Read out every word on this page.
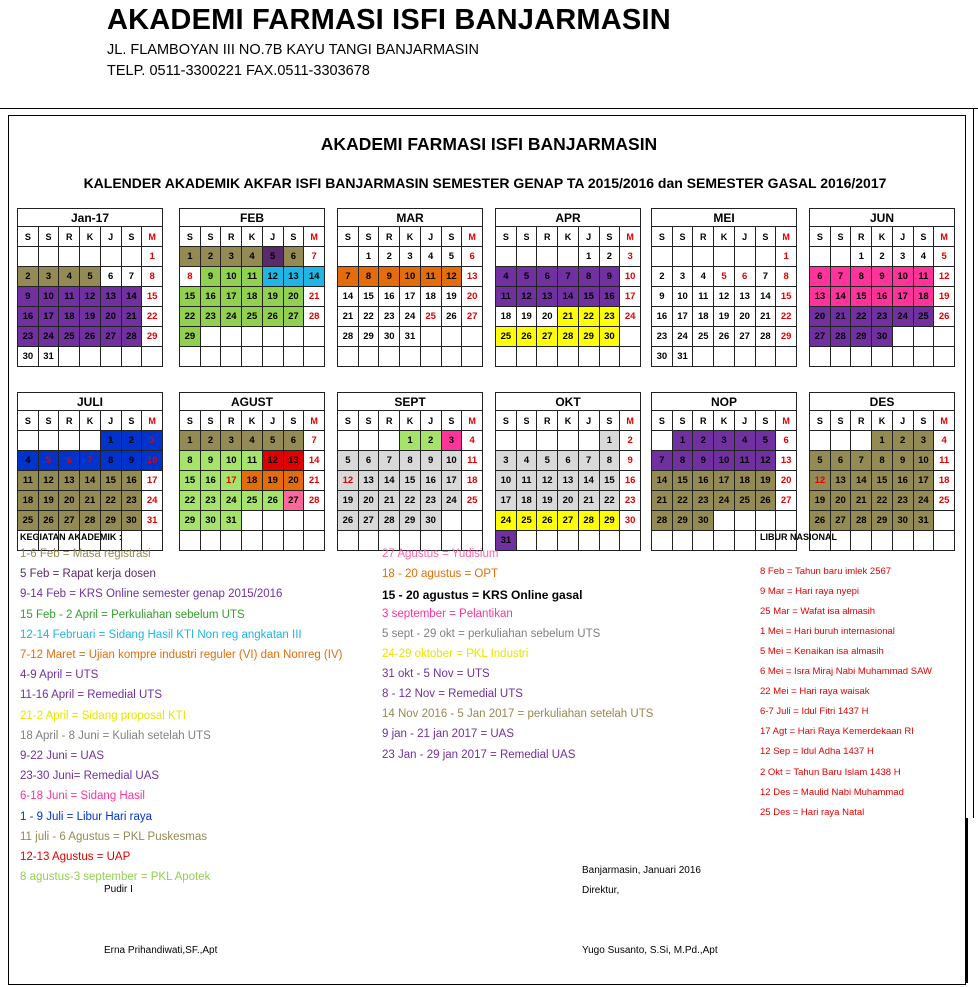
AKADEMI FARMASI ISFI BANJARMASIN
JL. FLAMBOYAN III NO.7B KAYU TANGI BANJARMASIN
TELP. 0511-3300221 FAX.0511-3303678
AKADEMI FARMASI ISFI BANJARMASIN
KALENDER AKADEMIK AKFAR ISFI BANJARMASIN SEMESTER GENAP TA 2015/2016 dan SEMESTER GASAL 2016/2017
Jan-17						
S	S	R	K	J	S	M
						1
2	3	4	5	6	7	8
9	10	11	12	13	14	15
16	17	18	19	20	21	22
23	24	25	26	27	28	29
30	31					
FEB						
S	S	R	K	J	S	M
1	2	3	4	5	6	7
8	9	10	11	12	13	14
15	16	17	18	19	20	21
22	23	24	25	26	27	28
29						

MAR						
S	S	R	K	J	S	M
	1	2	3	4	5	6
7	8	9	10	11	12	13
14	15	16	17	18	19	20
21	22	23	24	25	26	27
28	29	30	31			

APR						
S	S	R	K	J	S	M
				1	2	3
4	5	6	7	8	9	10
11	12	13	14	15	16	17
18	19	20	21	22	23	24
25	26	27	28	29	30	

MEI						
S	S	R	K	J	S	M
						1
2	3	4	5	6	7	8
9	10	11	12	13	14	15
16	17	18	19	20	21	22
23	24	25	26	27	28	29
30	31					
JUN						
S	S	R	K	J	S	M
		1	2	3	4	5
6	7	8	9	10	11	12
13	14	15	16	17	18	19
20	21	22	23	24	25	26
27	28	29	30			

JULI						
S	S	R	K	J	S	M
				1	2	3
4	5	6	7	8	9	10
11	12	13	14	15	16	17
18	19	20	21	22	23	24
25	26	27	28	29	30	31

AGUST						
S	S	R	K	J	S	M
1	2	3	4	5	6	7
8	9	10	11	12	13	14
15	16	17	18	19	20	21
22	23	24	25	26	27	28
29	30	31				

SEPT						
S	S	R	K	J	S	M
			1	2	3	4
5	6	7	8	9	10	11
12	13	14	15	16	17	18
19	20	21	22	23	24	25
26	27	28	29	30		

OKT						
S	S	R	K	J	S	M
					1	2
3	4	5	6	7	8	9
10	11	12	13	14	15	16
17	18	19	20	21	22	23
24	25	26	27	28	29	30
31						
NOP						
S	S	R	K	J	S	M
	1	2	3	4	5	6
7	8	9	10	11	12	13
14	15	16	17	18	19	20
21	22	23	24	25	26	27
28	29	30				

DES						
S	S	R	K	J	S	M
			1	2	3	4
5	6	7	8	9	10	11
12	13	14	15	16	17	18
19	20	21	22	23	24	25
26	27	28	29	30	31	

KEGIATAN AKADEMIK :
1-6 Feb = Masa registrasi
5 Feb = Rapat kerja dosen
9-14 Feb = KRS Online semester genap 2015/2016
15 Feb - 2 April = Perkuliahan sebelum UTS
12-14 Februari = Sidang Hasil KTI Non reg angkatan III
7-12 Maret = Ujian kompre industri reguler (VI) dan Nonreg (IV)
4-9 April = UTS
11-16 April = Remedial UTS
21-2 April = Sidang proposal KTI
18 April - 8 Juni = Kuliah setelah UTS
9-22 Juni = UAS
23-30 Juni= Remedial UAS
6-18 Juni = Sidang Hasil
1 - 9 Juli = Libur Hari raya
11 juli - 6 Agustus = PKL Puskesmas
12-13 Agustus = UAP
8 agustus-3 september = PKL Apotek
27 Agustus = Yudisium
18 - 20 agustus = OPT
15 - 20 agustus = KRS Online gasal
3 september = Pelantikan
5 sept - 29 okt = perkuliahan sebelum UTS
24-29 oktober = PKL Industri
31 okt - 5 Nov = UTS
8 - 12 Nov = Remedial UTS
14 Nov 2016 - 5 Jan 2017 = perkuliahan setelah UTS
9 jan - 21 jan 2017 = UAS
23 Jan - 29 jan 2017 = Remedial UAS
LIBUR NASIONAL
8 Feb = Tahun baru imlek 2567
9 Mar = Hari raya nyepi
25 Mar = Wafat isa almasih
1 Mei = Hari buruh internasional
5 Mei = Kenaikan isa almasih
6 Mei = Isra Miraj Nabi Muhammad SAW
22 Mei = Hari raya waisak
6-7 Juli = Idul Fitri 1437 H
17 Agt = Hari Raya Kemerdekaan RI
12 Sep = Idul Adha 1437 H
2 Okt = Tahun Baru Islam 1438 H
12 Des = Maulid Nabi Muhammad
25 Des = Hari raya Natal
Pudir I
Erna Prihandiwati,SF.,Apt
Banjarmasin, Januari 2016
Direktur,
Yugo Susanto, S.Si, M.Pd.,Apt
